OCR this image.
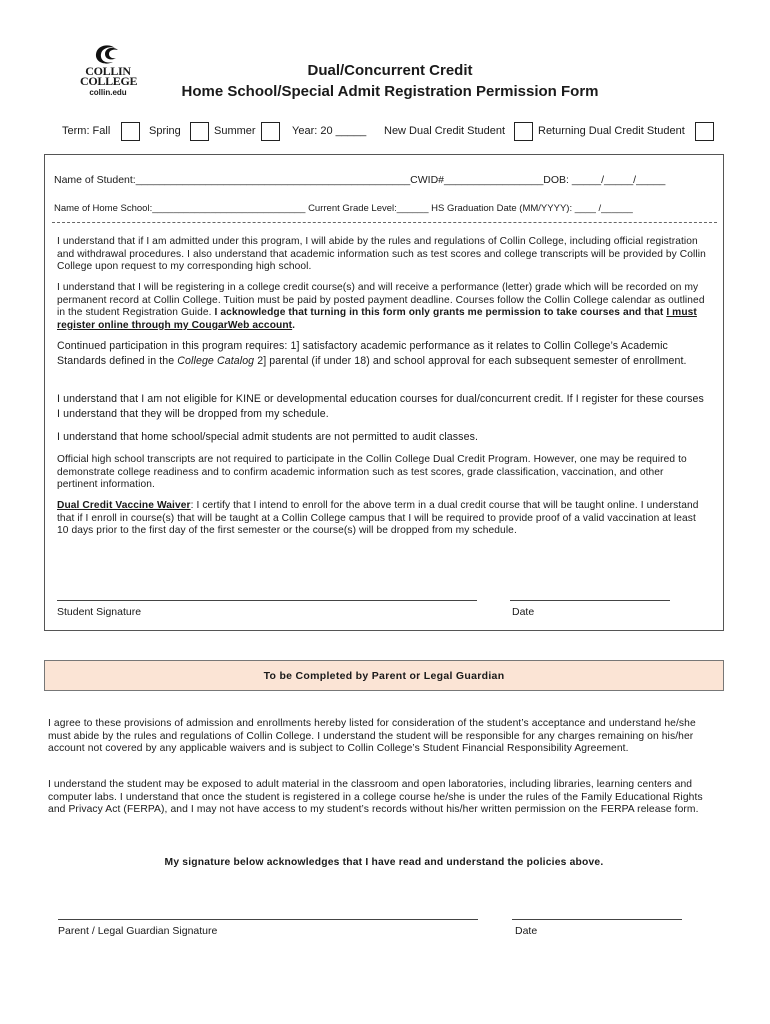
COLLIN
COLLEGE
collin.edu
Dual/Concurrent Credit
Home School/Special Admit Registration Permission Form
Term: Fall	Spring	Summer	Year: 20 _____ New Dual Credit Student	Returning Dual Credit Student
Name of Student:_______________________________________________CWID#_________________DOB: _____/_____/_____
Name of Home School:_____________________________ Current Grade Level:______ HS Graduation Date (MM/YYYY): ____ /______
I understand that if I am admitted under this program, I will abide by the rules and regulations of Collin College, including official registration and withdrawal procedures. I also understand that academic information such as test scores and college transcripts will be provided by Collin College upon request to my corresponding high school.
I understand that I will be registering in a college credit course(s) and will receive a performance (letter) grade which will be recorded on my permanent record at Collin College. Tuition must be paid by posted payment deadline. Courses follow the Collin College calendar as outlined in the student Registration Guide. I acknowledge that turning in this form only grants me permission to take courses and that I must register online through my CougarWeb account.
Continued participation in this program requires: 1] satisfactory academic performance as it relates to Collin College’s Academic Standards defined in the College Catalog 2] parental (if under 18) and school approval for each subsequent semester of enrollment.
I understand that I am not eligible for KINE or developmental education courses for dual/concurrent credit. If I register for these courses I understand that they will be dropped from my schedule.
I understand that home school/special admit students are not permitted to audit classes.
Official high school transcripts are not required to participate in the Collin College Dual Credit Program. However, one may be required to demonstrate college readiness and to confirm academic information such as test scores, grade classification, vaccination, and other pertinent information.
Dual Credit Vaccine Waiver: I certify that I intend to enroll for the above term in a dual credit course that will be taught online. I understand that if I enroll in course(s) that will be taught at a Collin College campus that I will be required to provide proof of a valid vaccination at least 10 days prior to the first day of the first semester or the course(s) will be dropped from my schedule.
Student Signature	Date
To be Completed by Parent or Legal Guardian
I agree to these provisions of admission and enrollments hereby listed for consideration of the student’s acceptance and understand he/she must abide by the rules and regulations of Collin College. I understand the student will be responsible for any charges remaining on his/her account not covered by any applicable waivers and is subject to Collin College’s Student Financial Responsibility Agreement.
I understand the student may be exposed to adult material in the classroom and open laboratories, including libraries, learning centers and computer labs. I understand that once the student is registered in a college course he/she is under the rules of the Family Educational Rights and Privacy Act (FERPA), and I may not have access to my student’s records without his/her written permission on the FERPA release form.
My signature below acknowledges that I have read and understand the policies above.
Parent / Legal Guardian Signature	Date
